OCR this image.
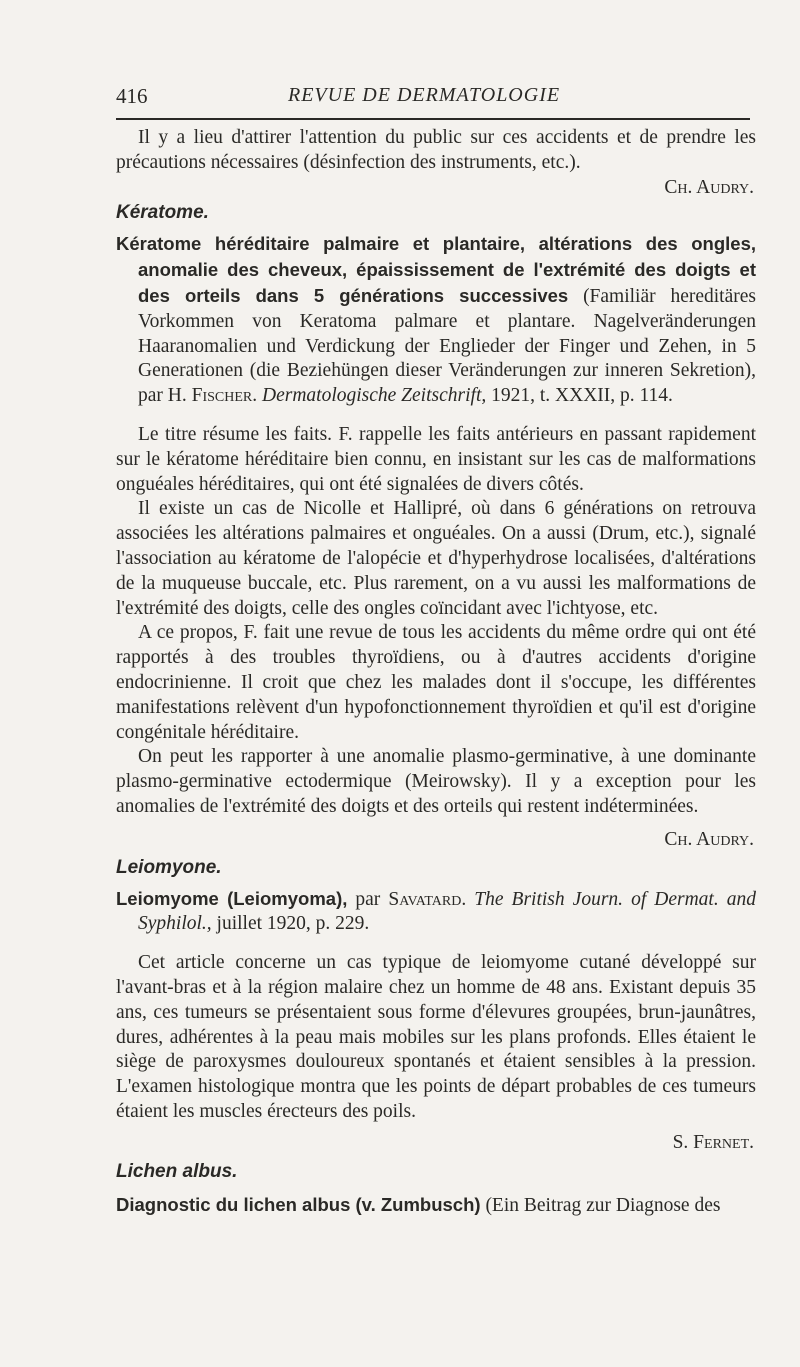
416	REVUE DE DERMATOLOGIE

Il y a lieu d'attirer l'attention du public sur ces accidents et de prendre les précautions nécessaires (désinfection des instruments, etc.).

Ch. Audry.

Kératome.

Kératome héréditaire palmaire et plantaire, altérations des ongles, anomalie des cheveux, épaississement de l'extrémité des doigts et des orteils dans 5 générations successives (Familiär hereditäres Vorkommen von Keratoma palmare et plantare. Nagelveränderungen Haaranomalien und Verdickung der Englieder der Finger und Zehen, in 5 Generationen (die Beziehüngen dieser Veränderungen zur inneren Sekretion), par H. Fischer. Dermatologische Zeitschrift, 1921, t. XXXII, p. 114.

Le titre résume les faits. F. rappelle les faits antérieurs en passant rapidement sur le kératome héréditaire bien connu, en insistant sur les cas de malformations onguéales héréditaires, qui ont été signalées de divers côtés.

Il existe un cas de Nicolle et Hallipré, où dans 6 générations on retrouva associées les altérations palmaires et onguéales. On a aussi (Drum, etc.), signalé l'association au kératome de l'alopécie et d'hyperhydrose localisées, d'altérations de la muqueuse buccale, etc. Plus rarement, on a vu aussi les malformations de l'extrémité des doigts, celle des ongles coïncidant avec l'ichtyose, etc.

A ce propos, F. fait une revue de tous les accidents du même ordre qui ont été rapportés à des troubles thyroïdiens, ou à d'autres accidents d'origine endocrinienne. Il croit que chez les malades dont il s'occupe, les différentes manifestations relèvent d'un hypofonctionnement thyroïdien et qu'il est d'origine congénitale héréditaire.

On peut les rapporter à une anomalie plasmo-germinative, à une dominante plasmo-germinative ectodermique (Meirowsky). Il y a exception pour les anomalies de l'extrémité des doigts et des orteils qui restent indéterminées.

Ch. Audry.

Leiomyone.

Leiomyome (Leiomyoma), par Savatard. The British Journ. of Dermat. and Syphilol., juillet 1920, p. 229.

Cet article concerne un cas typique de leiomyome cutané développé sur l'avant-bras et à la région malaire chez un homme de 48 ans. Existant depuis 35 ans, ces tumeurs se présentaient sous forme d'élevures groupées, brun-jaunâtres, dures, adhérentes à la peau mais mobiles sur les plans profonds. Elles étaient le siège de paroxysmes douloureux spontanés et étaient sensibles à la pression. L'examen histologique montra que les points de départ probables de ces tumeurs étaient les muscles érecteurs des poils.

S. Fernet.

Lichen albus.

Diagnostic du lichen albus (v. Zumbusch) (Ein Beitrag zur Diagnose des
